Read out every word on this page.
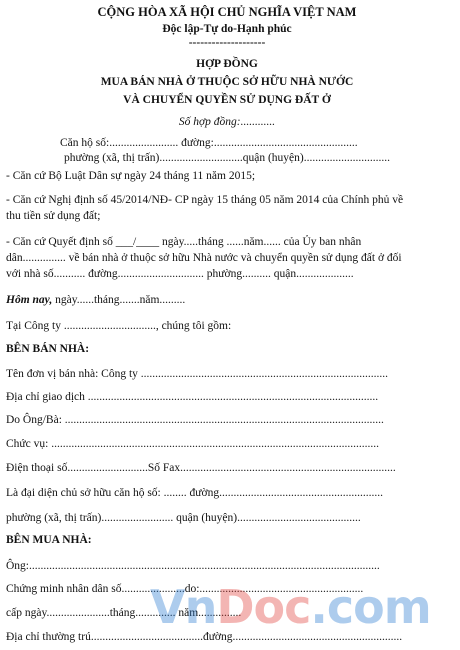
CỘNG HÒA XÃ HỘI CHỦ NGHĨA VIỆT NAM
Độc lập-Tự do-Hạnh phúc
--------------------
HỢP ĐỒNG
MUA BÁN NHÀ Ở THUỘC SỞ HỮU NHÀ NƯỚC
VÀ CHUYỂN QUYỀN SỬ DỤNG ĐẤT Ở
Số hợp đồng:............
Căn hộ số:........................ đường:..................................................
phường (xã, thị trấn).............................quận (huyện)..............................
- Căn cứ Bộ Luật Dân sự ngày 24 tháng 11 năm 2015;
- Căn cứ Nghị định số 45/2014/NĐ- CP ngày 15 tháng 05 năm 2014 của Chính phủ về
thu tiền sử dụng đất;
- Căn cứ Quyết định số ___/____ ngày.....tháng ......năm...... của Ủy ban nhân
dân............... về bán nhà ở thuộc sở hữu Nhà nước và chuyển quyền sử dụng đất ở đối
với nhà số........... đường.............................. phường.......... quận....................
Hôm nay, ngày......tháng.......năm.........
Tại Công ty ................................, chúng tôi gồm:
BÊN BÁN NHÀ:
Tên đơn vị bán nhà: Công ty ......................................................................................
Địa chỉ giao dịch .....................................................................................................
Do Ông/Bà: ...............................................................................................................
Chức vụ: ..................................................................................................................
Điện thoại số............................Số Fax...........................................................................
Là đại diện chủ sở hữu căn hộ số: ........ đường.........................................................
phường (xã, thị trấn)......................... quận (huyện)...........................................
BÊN MUA NHÀ:
Ông:..........................................................................................................................
Chứng minh nhân dân số......................do:.........................................................
cấp ngày......................tháng.............. năm...............
Địa chỉ thường trú.......................................đường...........................................................
VnDoc.com
